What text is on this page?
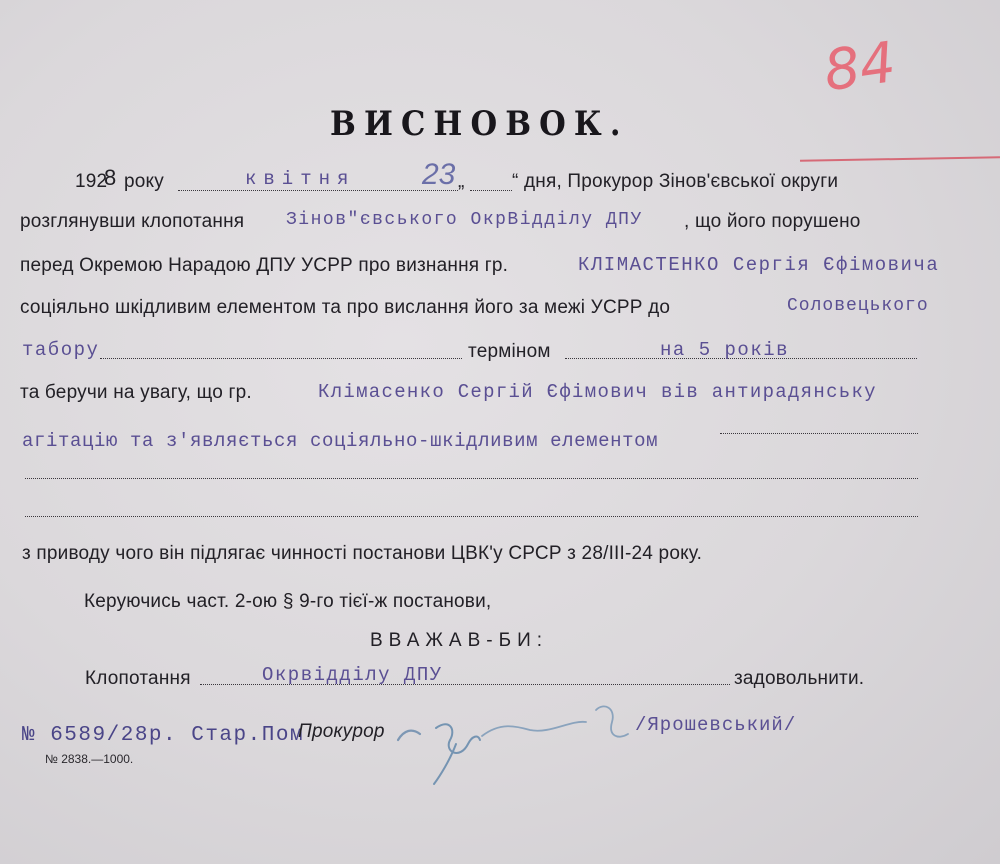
84
ВИСНОВОК.
192
8 року	квітня 23 „ “ дня, Прокурор Зінов'євської округи
розглянувши клопотання Зінов"євського ОкрВідділу ДПУ , що його порушено
перед Окремою Нарадою ДПУ УСРР про визнання гр.	КЛІМАСТЕНКО Сергія Єфімовича
соціяльно шкідливим елементом та про вислання його за межі УСРР до	Соловецького
табору	терміном	на 5 років
та беручи на увагу, що гр.	Клімасенко Сергій Єфімович вів антирадянську
агітацію та з'являється соціяльно-шкідливим елементом
з приводу чого він підлягає чинності постанови ЦВК'у СРСР з 28/III-24 року.
Керуючись част. 2-ою § 9-го тієї-ж постанови,
ВВАЖАВ-БИ:
Клопотання	Окрвідділу ДПУ	задовольнити.
№ 6589/28р. Стар.Пом
Прокурор	/Ярошевський/
№ 2838.—1000.
